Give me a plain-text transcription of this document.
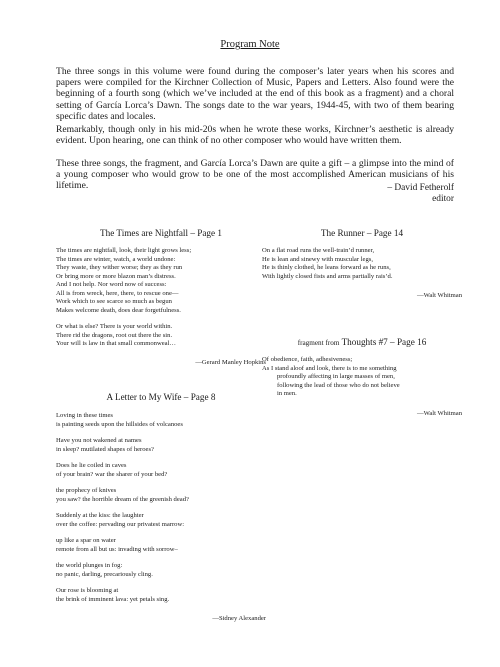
Program Note

The three songs in this volume were found during the composer’s later years when his scores and papers were compiled for the Kirchner Collection of Music, Papers and Letters. Also found were the beginning of a fourth song (which we’ve included at the end of this book as a fragment) and a choral setting of García Lorca’s Dawn. The songs date to the war years, 1944-45, with two of them bearing specific dates and locales.

Remarkably, though only in his mid-20s when he wrote these works, Kirchner’s aesthetic is already evident. Upon hearing, one can think of no other composer who would have written them.

These three songs, the fragment, and García Lorca’s Dawn are quite a gift – a glimpse into the mind of a young composer who would grow to be one of the most accomplished American musicians of his lifetime.	– David Fetherolf
editor

The Times are Nightfall – Page 1

The times are nightfall, look, their light grows less;
The times are winter, watch, a world undone:
They waste, they wither worse; they as they run
Or bring more or more blazon man’s distress.
And I not help. Nor word now of success:
All is from wreck, here, there, to rescue one—
Work which to see scarce so much as begun
Makes welcome death, does dear forgetfulness.
Or what is else? There is your world within.
There rid the dragons, root out there the sin.
Your will is law in that small commonweal…

—Gerard Manley Hopkins

A Letter to My Wife – Page 8

Loving in these times
is painting seeds upon the hillsides of volcanoes
Have you not wakened at names
in sleep? mutilated shapes of heroes?
Does he lie coiled in caves
of your brain? war the sharer of your bed?
the prophecy of knives
you saw? the horrible dream of the greenish dead?
Suddenly at the kiss: the laughter
over the coffee: pervading our privatest marrow:
up like a spar on water
remote from all but us: invading with sorrow–
the world plunges in fog:
no panic, darling, precariously cling.
Our rose is blooming at
the brink of imminent lava: yet petals sing.

—Sidney Alexander

The Runner – Page 14

On a flat road runs the well-train’d runner,
He is lean and sinewy with muscular legs,
He is thinly clothed, he leans forward as he runs,
With lightly closed fists and arms partially rais’d.

—Walt Whitman

fragment from Thoughts #7 – Page 16

Of obedience, faith, adhesiveness;
As I stand aloof and look, there is to me something
profoundly affecting in large masses of men,
following the lead of those who do not believe
in men.

—Walt Whitman
